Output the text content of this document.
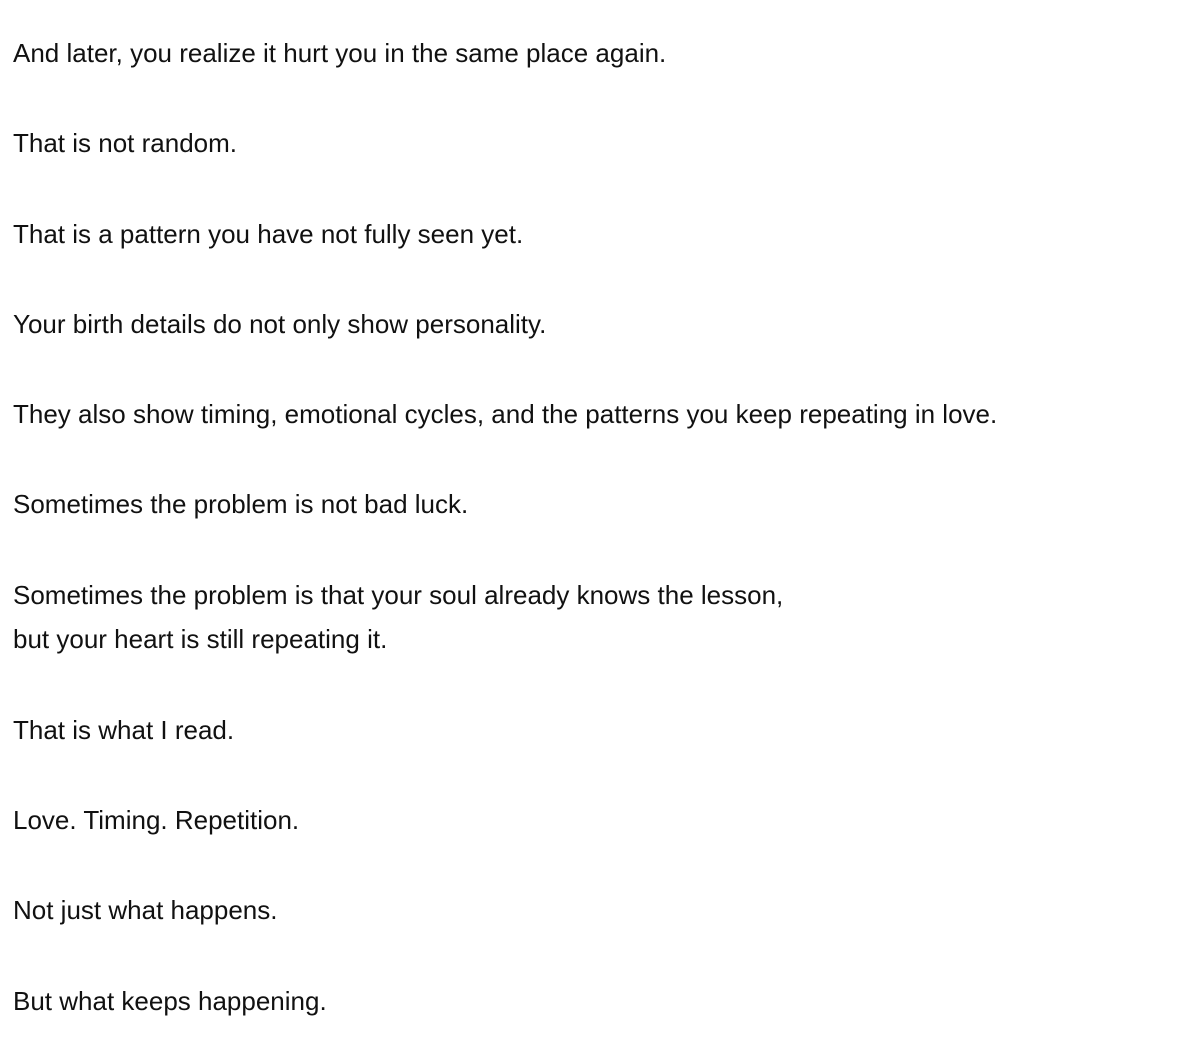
And later, you realize it hurt you in the same place again.

That is not random.

That is a pattern you have not fully seen yet.

Your birth details do not only show personality.

They also show timing, emotional cycles, and the patterns you keep repeating in love.

Sometimes the problem is not bad luck.

Sometimes the problem is that your soul already knows the lesson,
but your heart is still repeating it.

That is what I read.

Love. Timing. Repetition.

Not just what happens.

But what keeps happening.
